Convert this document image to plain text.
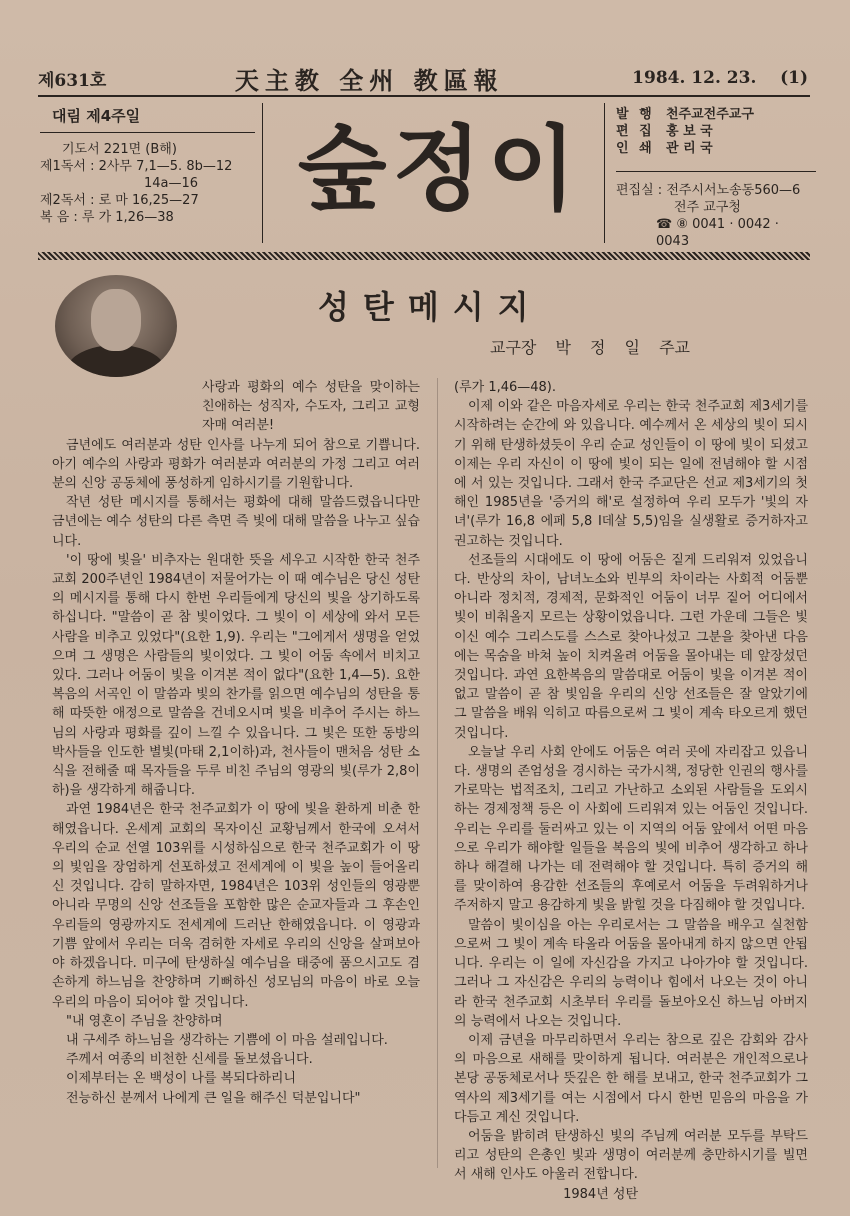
제631호	天主教 全州 教區報	1984. 12. 23. (1)
대림 제4주일
기도서 221면 (B해)
제1독서 : 2사무 7,1—5. 8b—12
14a—16
제2독서 : 로 마 16,25—27
복 음 : 루 가 1,26—38	숲정이
발 행 천주교전주교구
편 집 홍 보 국
인 쇄 관 리 국
편집실 : 전주시서노송동560—6
전주 교구청
☎ ⑧ 0041 · 0042 · 0043
성탄메시지
교구장 박 정 일 주교

사랑과 평화의 예수 성탄을 맞이하는 친애하는 성직자, 수도자, 그리고 교형 자매 여러분!

금년에도 여러분과 성탄 인사를 나누게 되어 참으로 기쁩니다. 아기 예수의 사랑과 평화가 여러분과 여러분의 가정 그리고 여러분의 신앙 공동체에 풍성하게 임하시기를 기원합니다.

작년 성탄 메시지를 통해서는 평화에 대해 말씀드렸읍니다만 금년에는 예수 성탄의 다른 측면 즉 빛에 대해 말씀을 나누고 싶습니다.

'이 땅에 빛을' 비추자는 원대한 뜻을 세우고 시작한 한국 천주교회 200주년인 1984년이 저물어가는 이 때 예수님은 당신 성탄의 메시지를 통해 다시 한번 우리들에게 당신의 빛을 상기하도록 하십니다. "말씀이 곧 참 빛이었다. 그 빛이 이 세상에 와서 모든 사람을 비추고 있었다"(요한 1,9). 우리는 "그에게서 생명을 얻었으며 그 생명은 사람들의 빛이었다. 그 빛이 어둠 속에서 비치고 있다. 그러나 어둠이 빛을 이겨본 적이 없다"(요한 1,4—5). 요한 복음의 서곡인 이 말씀과 빛의 찬가를 읽으면 예수님의 성탄을 통해 따뜻한 애정으로 말씀을 건네오시며 빛을 비추어 주시는 하느님의 사랑과 평화를 깊이 느낄 수 있읍니다. 그 빛은 또한 동방의 박사들을 인도한 별빛(마태 2,1이하)과, 천사들이 맨처음 성탄 소식을 전해줄 때 목자들을 두루 비친 주님의 영광의 빛(루가 2,8이하)을 생각하게 해줍니다.

과연 1984년은 한국 천주교회가 이 땅에 빛을 환하게 비춘 한 해였읍니다. 온세계 교회의 목자이신 교황님께서 한국에 오셔서 우리의 순교 선열 103위를 시성하심으로 한국 천주교회가 이 땅의 빛임을 장엄하게 선포하셨고 전세계에 이 빛을 높이 들어올리신 것입니다. 감히 말하자면, 1984년은 103위 성인들의 영광뿐 아니라 무명의 신앙 선조들을 포함한 많은 순교자들과 그 후손인 우리들의 영광까지도 전세계에 드러난 한해였읍니다. 이 영광과 기쁨 앞에서 우리는 더욱 겸허한 자세로 우리의 신앙을 살펴보아야 하겠읍니다. 미구에 탄생하실 예수님을 태중에 품으시고도 겸손하게 하느님을 찬양하며 기뻐하신 성모님의 마음이 바로 오늘 우리의 마음이 되어야 할 것입니다.

"내 영혼이 주님을 찬양하며

내 구세주 하느님을 생각하는 기쁨에 이 마음 설레입니다.

주께서 여종의 비천한 신세를 돌보셨읍니다.

이제부터는 온 백성이 나를 복되다하리니

전능하신 분께서 나에게 큰 일을 해주신 덕분입니다"

(루가 1,46—48).

이제 이와 같은 마음자세로 우리는 한국 천주교회 제3세기를 시작하려는 순간에 와 있읍니다. 예수께서 온 세상의 빛이 되시기 위해 탄생하셨듯이 우리 순교 성인들이 이 땅에 빛이 되셨고 이제는 우리 자신이 이 땅에 빛이 되는 일에 전념해야 할 시점에 서 있는 것입니다. 그래서 한국 주교단은 선교 제3세기의 첫해인 1985년을 '증거의 해'로 설정하여 우리 모두가 '빛의 자녀'(루가 16,8 에페 5,8 I데살 5,5)임을 실생활로 증거하자고 권고하는 것입니다.

선조들의 시대에도 이 땅에 어둠은 짙게 드리워져 있었읍니다. 반상의 차이, 남녀노소와 빈부의 차이라는 사회적 어둠뿐 아니라 정치적, 경제적, 문화적인 어둠이 너무 짙어 어디에서 빛이 비춰올지 모르는 상황이었읍니다. 그런 가운데 그들은 빛이신 예수 그리스도를 스스로 찾아나섰고 그분을 찾아낸 다음에는 목숨을 바쳐 높이 치켜올려 어둠을 몰아내는 데 앞장섰던 것입니다. 과연 요한복음의 말씀대로 어둠이 빛을 이겨본 적이 없고 말씀이 곧 참 빛임을 우리의 신앙 선조들은 잘 알았기에 그 말씀을 배워 익히고 따름으로써 그 빛이 계속 타오르게 했던 것입니다.

오늘날 우리 사회 안에도 어둠은 여러 곳에 자리잡고 있읍니다. 생명의 존엄성을 경시하는 국가시책, 정당한 인권의 행사를 가로막는 법적조치, 그리고 가난하고 소외된 사람들을 도외시하는 경제정책 등은 이 사회에 드리워져 있는 어둠인 것입니다. 우리는 우리를 둘러싸고 있는 이 지역의 어둠 앞에서 어떤 마음으로 우리가 해야할 일들을 복음의 빛에 비추어 생각하고 하나 하나 해결해 나가는 데 전력해야 할 것입니다. 특히 증거의 해를 맞이하여 용감한 선조들의 후예로서 어둠을 두려워하거나 주저하지 말고 용감하게 빛을 밝힐 것을 다짐해야 할 것입니다.

말씀이 빛이심을 아는 우리로서는 그 말씀을 배우고 실천함으로써 그 빛이 계속 타올라 어둠을 몰아내게 하지 않으면 안됩니다. 우리는 이 일에 자신감을 가지고 나아가야 할 것입니다. 그러나 그 자신감은 우리의 능력이나 힘에서 나오는 것이 아니라 한국 천주교회 시초부터 우리를 돌보아오신 하느님 아버지의 능력에서 나오는 것입니다.

이제 금년을 마무리하면서 우리는 참으로 깊은 감회와 감사의 마음으로 새해를 맞이하게 됩니다. 여러분은 개인적으로나 본당 공동체로서나 뜻깊은 한 해를 보내고, 한국 천주교회가 그 역사의 제3세기를 여는 시점에서 다시 한번 믿음의 마음을 가다듬고 계신 것입니다.

어둠을 밝히려 탄생하신 빛의 주님께 여러분 모두를 부탁드리고 성탄의 은총인 빛과 생명이 여러분께 충만하시기를 빌면서 새해 인사도 아울러 전합니다.

1984년 성탄
